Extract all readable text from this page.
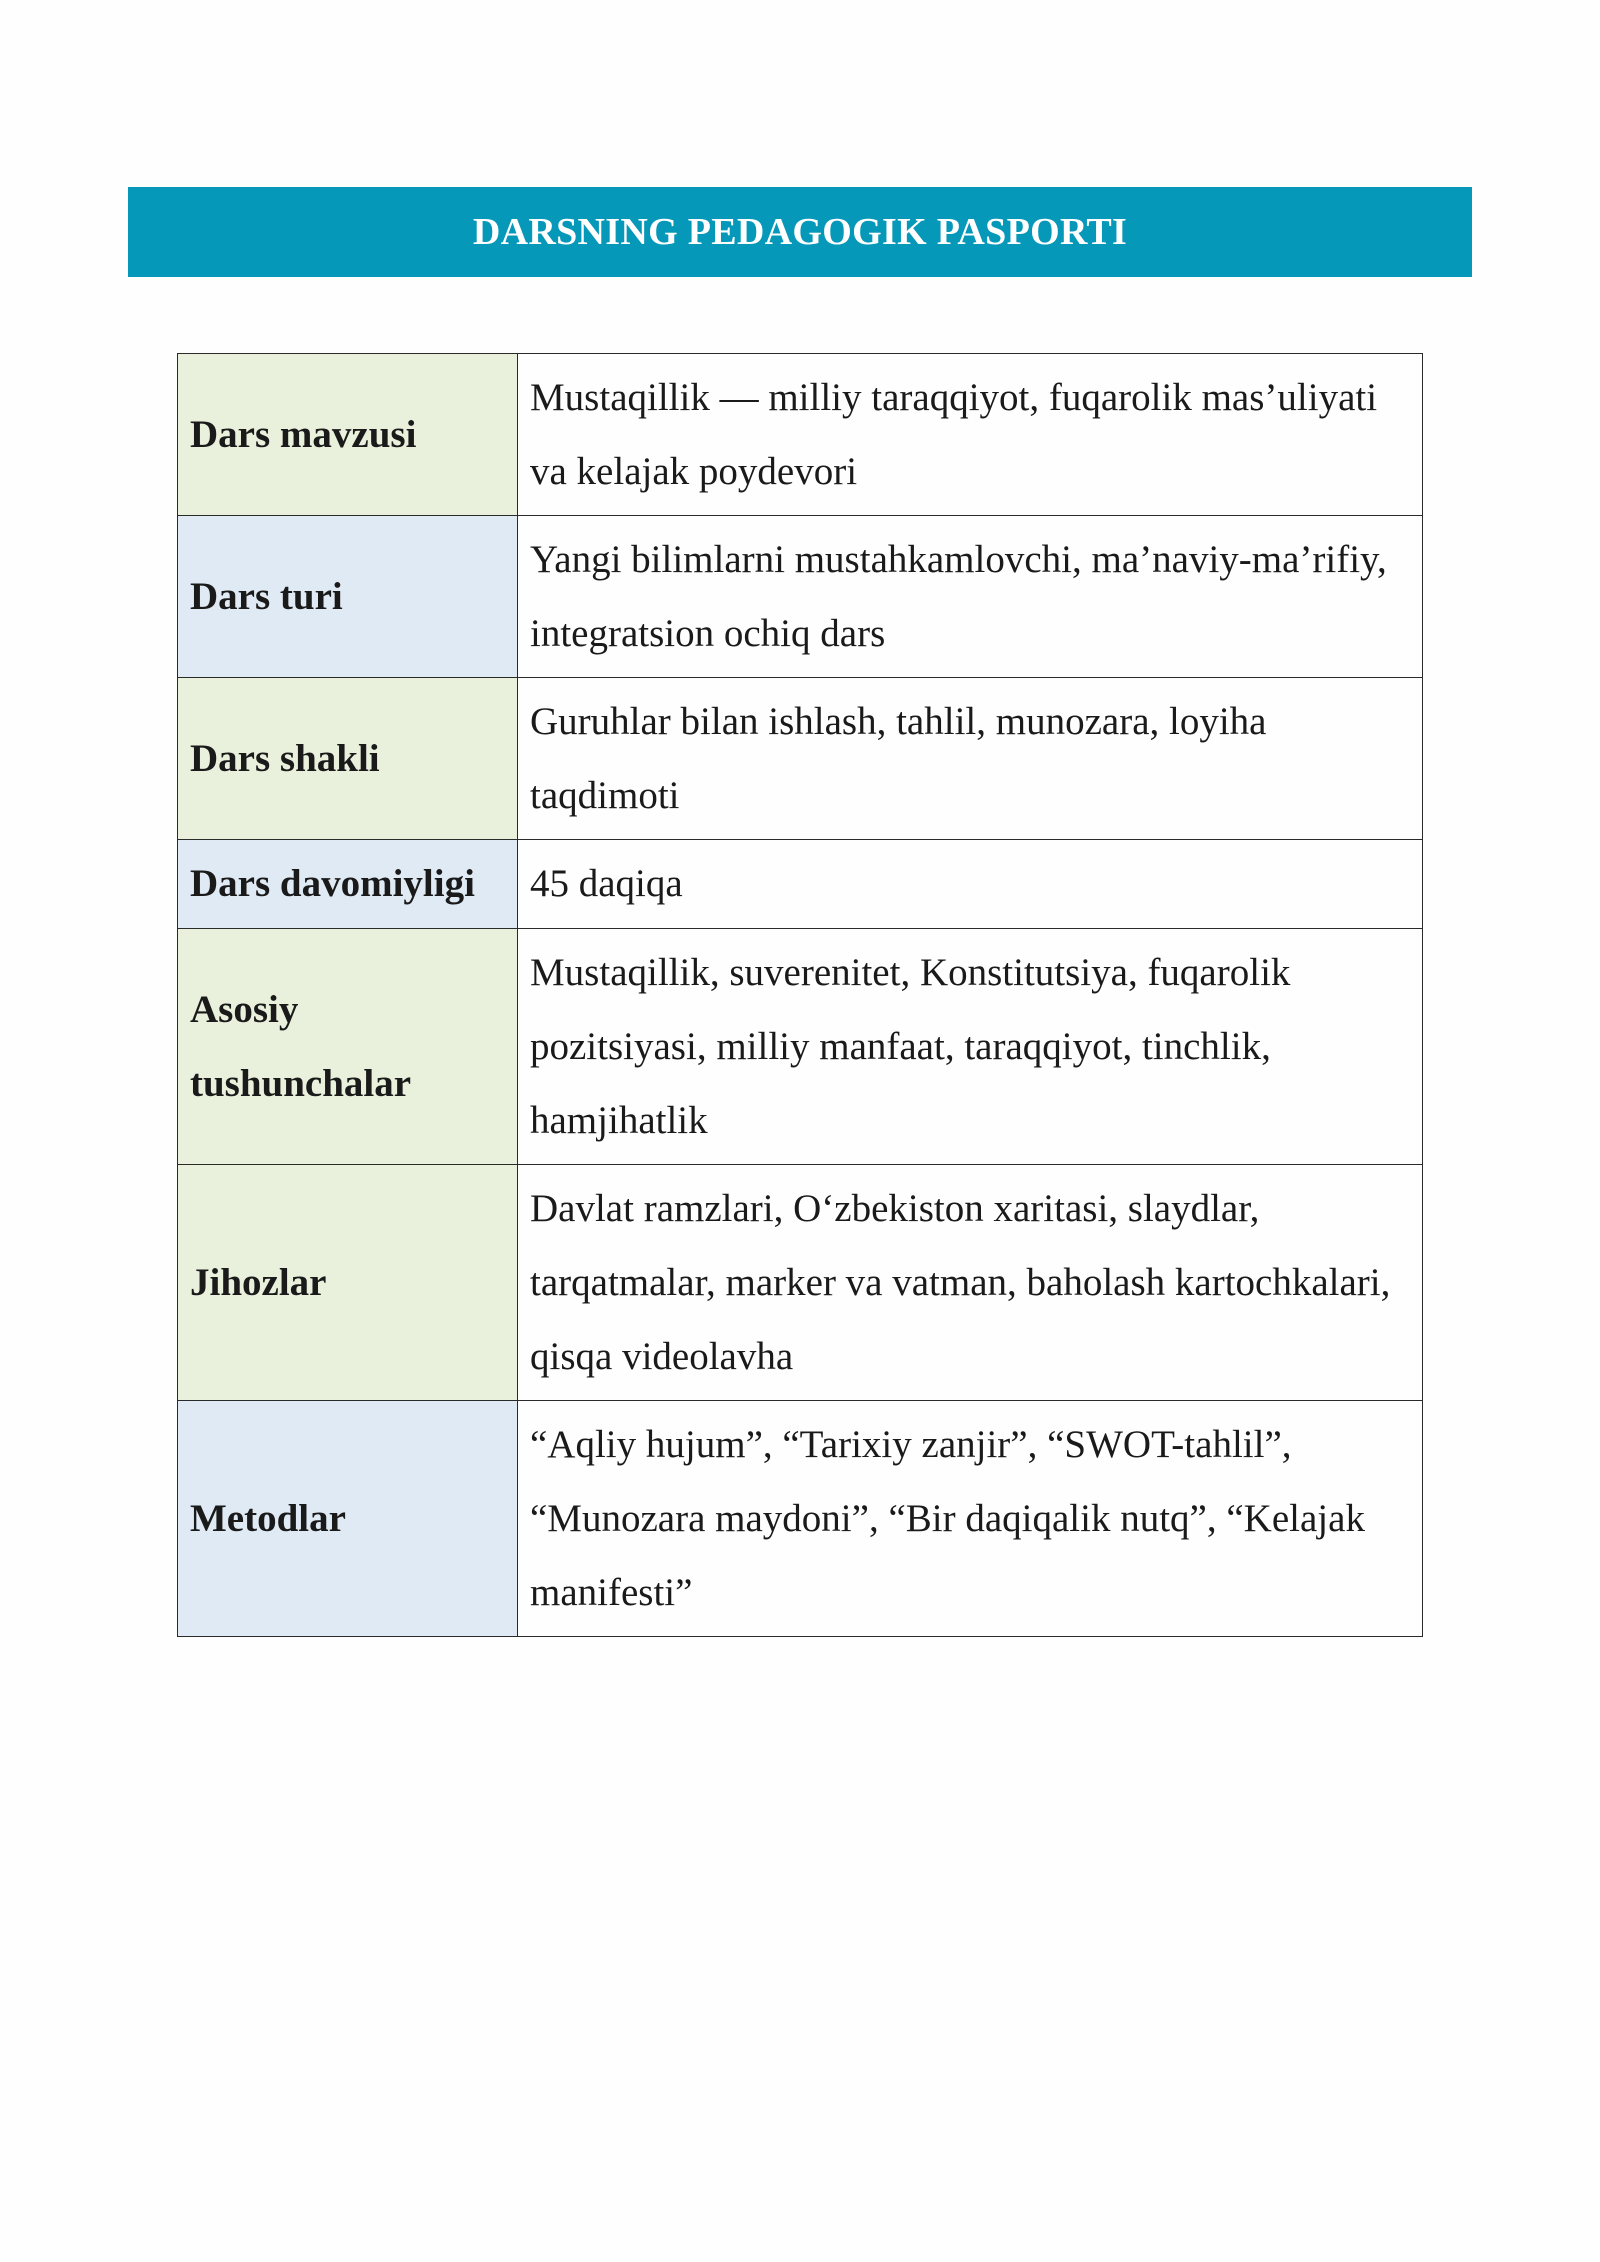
DARSNING PEDAGOGIK PASPORTI
Dars mavzusi	Mustaqillik — milliy taraqqiyot, fuqarolik mas’uliyati va kelajak poydevori
Dars turi	Yangi bilimlarni mustahkamlovchi, ma’naviy-ma’rifiy, integratsion ochiq dars
Dars shakli	Guruhlar bilan ishlash, tahlil, munozara, loyiha taqdimoti
Dars davomiyligi	45 daqiqa
Asosiy tushunchalar	Mustaqillik, suverenitet, Konstitutsiya, fuqarolik pozitsiyasi, milliy manfaat, taraqqiyot, tinchlik, hamjihatlik
Jihozlar	Davlat ramzlari, O‘zbekiston xaritasi, slaydlar, tarqatmalar, marker va vatman, baholash kartochkalari, qisqa videolavha
Metodlar	“Aqliy hujum”, “Tarixiy zanjir”, “SWOT-tahlil”, “Munozara maydoni”, “Bir daqiqalik nutq”, “Kelajak manifesti”
